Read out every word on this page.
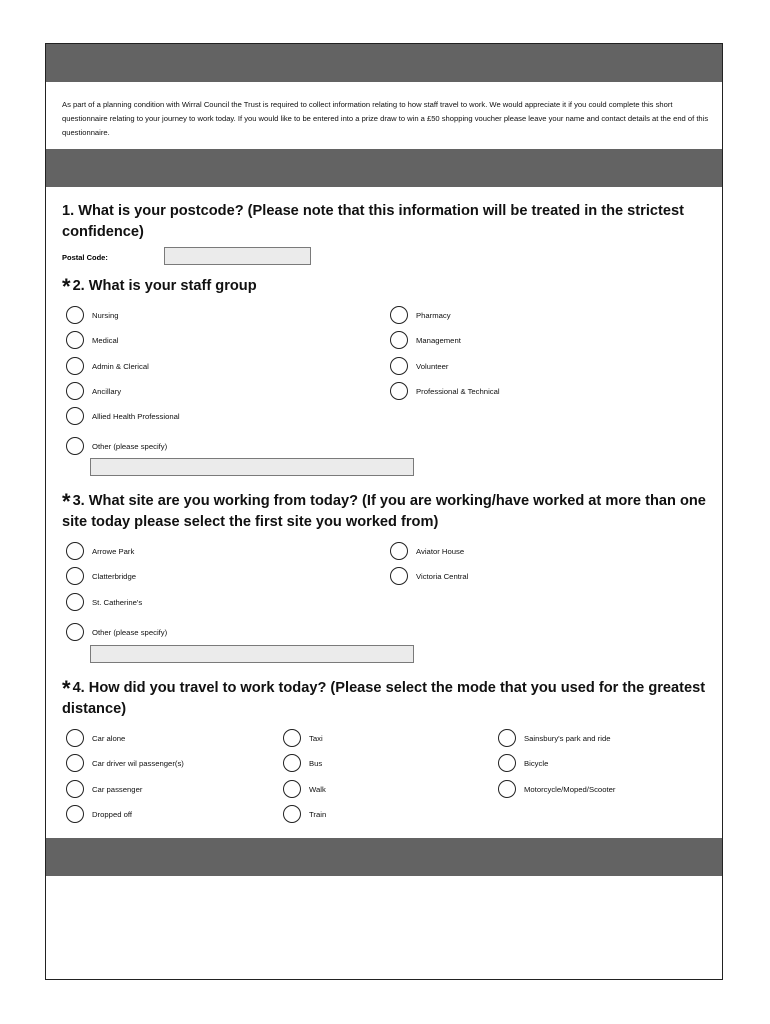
As part of a planning condition with Wirral Council the Trust is required to collect information relating to how staff travel to work. We would appreciate it if you could complete this short questionnaire relating to your journey to work today. If you would like to be entered into a prize draw to win a £50 shopping voucher please leave your name and contact details at the end of this questionnaire.
1. What is your postcode? (Please note that this information will be treated in the strictest confidence)
Postal Code:
* 2. What is your staff group
Nursing
Medical
Admin & Clerical
Ancillary
Allied Health Professional
Pharmacy
Management
Volunteer
Professional & Technical
Other (please specify)
* 3. What site are you working from today? (If you are working/have worked at more than one site today please select the first site you worked from)
Arrowe Park
Clatterbridge
St. Catherine's
Aviator House
Victoria Central
Other (please specify)
* 4. How did you travel to work today? (Please select the mode that you used for the greatest distance)
Car alone
Car driver wil passenger(s)
Car passenger
Dropped off
Taxi
Bus
Walk
Train
Sainsbury's park and ride
Bicycle
Motorcycle/Moped/Scooter
